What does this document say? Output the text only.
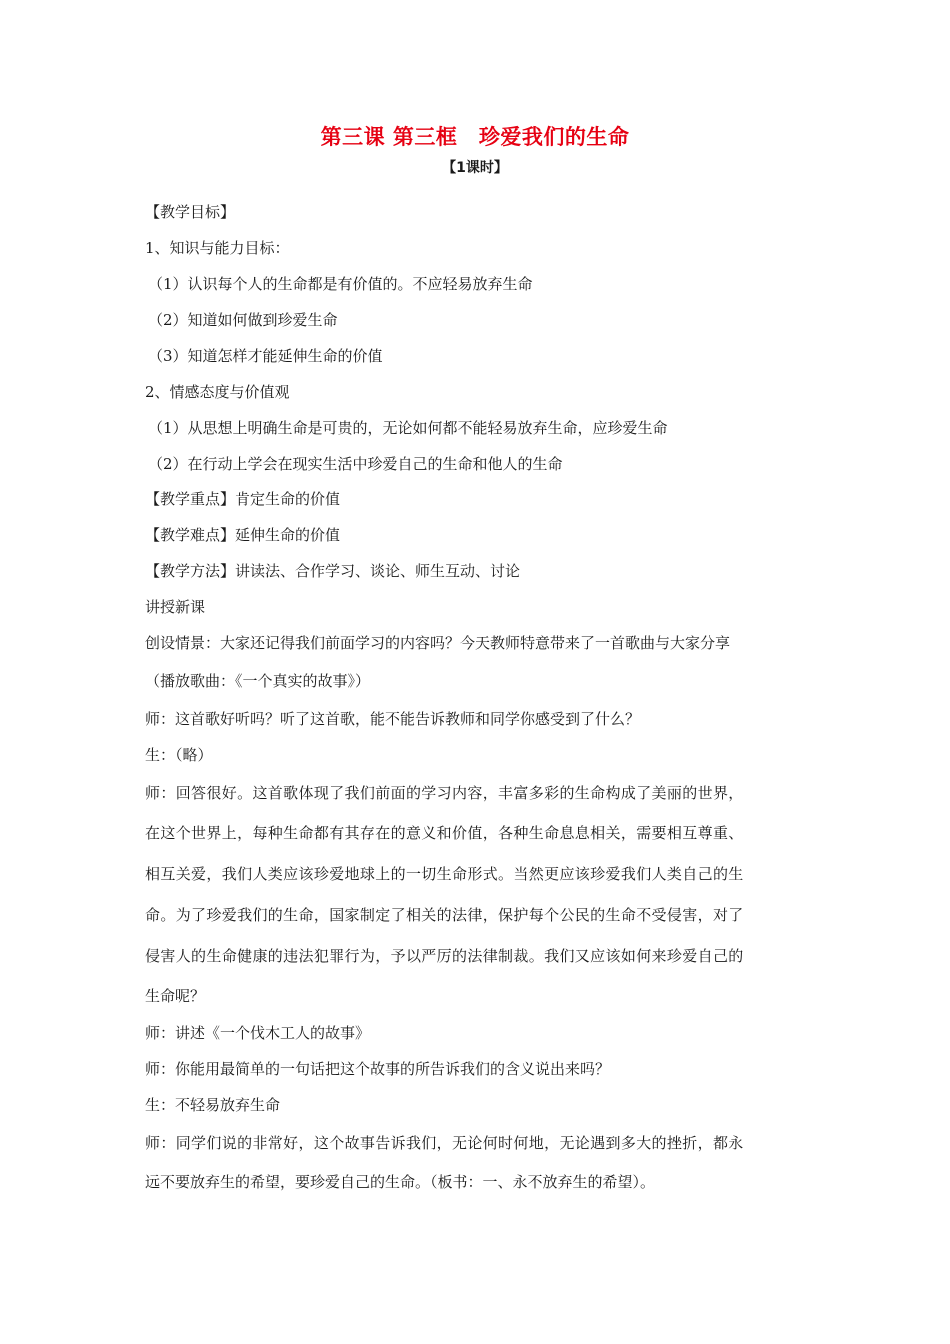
第三课 第三框　珍爱我们的生命
【1课时】
【教学目标】
1、知识与能力目标：
（1）认识每个人的生命都是有价值的。不应轻易放弃生命
（2）知道如何做到珍爱生命
（3）知道怎样才能延伸生命的价值
2、情感态度与价值观
（1）从思想上明确生命是可贵的，无论如何都不能轻易放弃生命，应珍爱生命
（2）在行动上学会在现实生活中珍爱自己的生命和他人的生命
【教学重点】肯定生命的价值
【教学难点】延伸生命的价值
【教学方法】讲读法、合作学习、谈论、师生互动、讨论
讲授新课
创设情景：大家还记得我们前面学习的内容吗？今天教师特意带来了一首歌曲与大家分享
（播放歌曲：《一个真实的故事》）
师：这首歌好听吗？听了这首歌，能不能告诉教师和同学你感受到了什么？
生：（略）
师：回答很好。这首歌体现了我们前面的学习内容，丰富多彩的生命构成了美丽的世界，
在这个世界上，每种生命都有其存在的意义和价值，各种生命息息相关，需要相互尊重、
相互关爱，我们人类应该珍爱地球上的一切生命形式。当然更应该珍爱我们人类自己的生
命。为了珍爱我们的生命，国家制定了相关的法律，保护每个公民的生命不受侵害，对了
侵害人的生命健康的违法犯罪行为，予以严厉的法律制裁。我们又应该如何来珍爱自己的
生命呢？
师：讲述《一个伐木工人的故事》
师：你能用最简单的一句话把这个故事的所告诉我们的含义说出来吗？
生：不轻易放弃生命
师：同学们说的非常好，这个故事告诉我们，无论何时何地，无论遇到多大的挫折，都永
远不要放弃生的希望，要珍爱自己的生命。（板书：一、永不放弃生的希望）。
